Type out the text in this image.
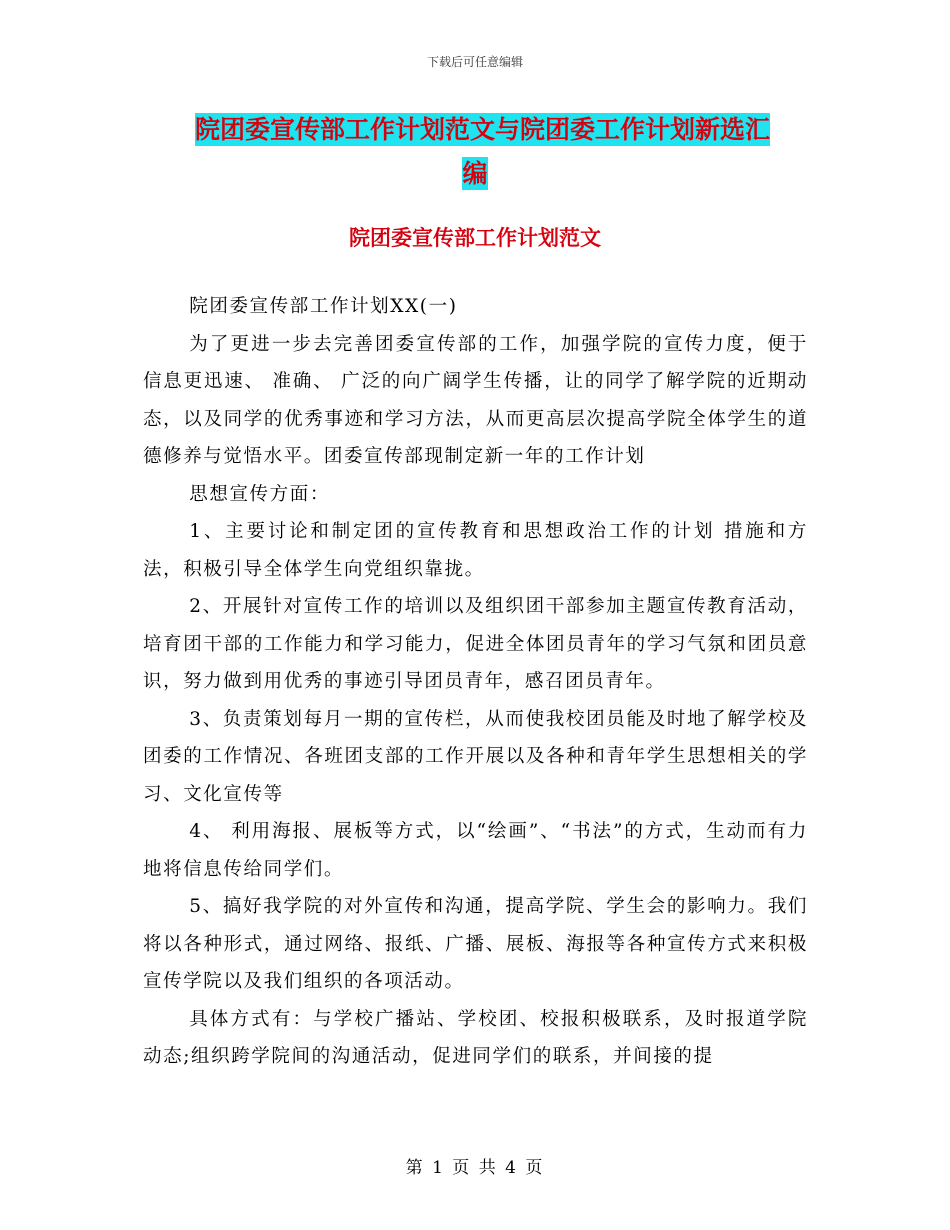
下载后可任意编辑
院团委宣传部工作计划范文与院团委工作计划新选汇
编
院团委宣传部工作计划范文

院团委宣传部工作计划XX(一)

为了更进一步去完善团委宣传部的工作，加强学院的宣传力度，便于信息更迅速、 准确、 广泛的向广阔学生传播，让的同学了解学院的近期动态，以及同学的优秀事迹和学习方法，从而更高层次提高学院全体学生的道德修养与觉悟水平。团委宣传部现制定新一年的工作计划

思想宣传方面：

1、主要讨论和制定团的宣传教育和思想政治工作的计划 措施和方法，积极引导全体学生向党组织靠拢。

2、开展针对宣传工作的培训以及组织团干部参加主题宣传教育活动，培育团干部的工作能力和学习能力，促进全体团员青年的学习气氛和团员意识，努力做到用优秀的事迹引导团员青年，感召团员青年。

3、负责策划每月一期的宣传栏，从而使我校团员能及时地了解学校及团委的工作情况、各班团支部的工作开展以及各种和青年学生思想相关的学习、文化宣传等

4、 利用海报、展板等方式，以“绘画”、“书法”的方式，生动而有力地将信息传给同学们。

5、搞好我学院的对外宣传和沟通，提高学院、学生会的影响力。我们将以各种形式，通过网络、报纸、广播、展板、海报等各种宣传方式来积极宣传学院以及我们组织的各项活动。

具体方式有：与学校广播站、学校团、校报积极联系，及时报道学院动态;组织跨学院间的沟通活动，促进同学们的联系，并间接的提

第 1 页 共 4 页
